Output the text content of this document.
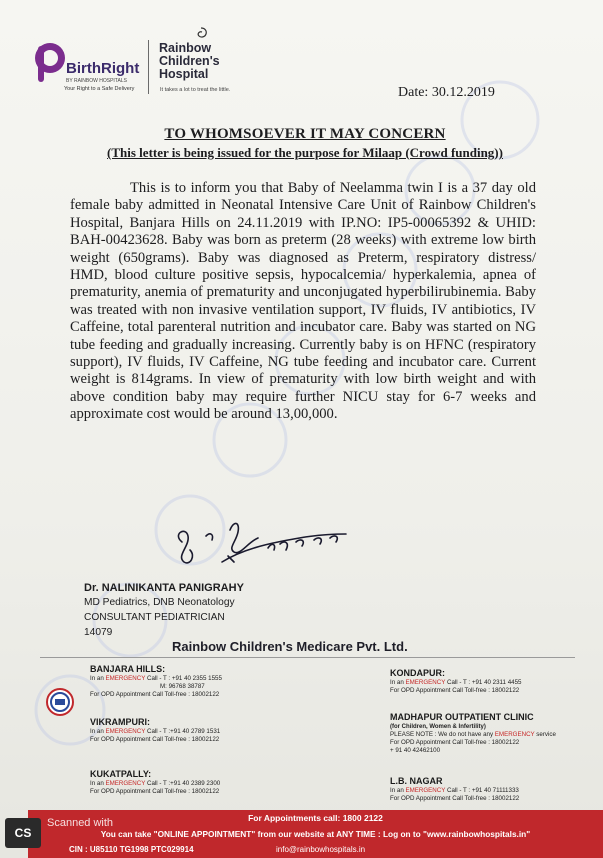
BirthRight
BY RAINBOW HOSPITALS
Your Right to a Safe Delivery
Rainbow
Children's
Hospital
It takes a lot to treat the little.	Date: 30.12.2019
TO WHOMSOEVER IT MAY CONCERN
(This letter is being issued for the purpose for Milaap (Crowd funding))

This is to inform you that Baby of Neelamma twin I is a 37 day old female baby admitted in Neonatal Intensive Care Unit of Rainbow Children's Hospital, Banjara Hills on 24.11.2019 with IP.NO: IP5-00065392 & UHID: BAH-00423628. Baby was born as preterm (28 weeks) with extreme low birth weight (650grams). Baby was diagnosed as Preterm, respiratory distress/ HMD, blood culture positive sepsis, hypocalcemia/ hyperkalemia, apnea of prematurity, anemia of prematurity and unconjugated hyperbilirubinemia. Baby was treated with non invasive ventilation support, IV fluids, IV antibiotics, IV Caffeine, total parenteral nutrition and incubator care. Baby was started on NG tube feeding and gradually increasing. Currently baby is on HFNC (respiratory support), IV fluids, IV Caffeine, NG tube feeding and incubator care. Current weight is 814grams. In view of prematurity with low birth weight and with above condition baby may require further NICU stay for 6-7 weeks and approximate cost would be around 13,00,000.

Dr. NALINIKANTA PANIGRAHY
MD Pediatrics, DNB Neonatology
CONSULTANT PEDIATRICIAN
14079
Rainbow Children's Medicare Pvt. Ltd.
BANJARA HILLS:
In an EMERGENCY Call - T : +91 40 2355 1555
M: 96768 38787
For OPD Appointment Call Toll-free : 18002122
VIKRAMPURI:
In an EMERGENCY Call - T :+91 40 2789 1531
For OPD Appointment Call Toll-free : 18002122
KUKATPALLY:
In an EMERGENCY Call - T :+91 40 2389 2300
For OPD Appointment Call Toll-free : 18002122
KONDAPUR:
In an EMERGENCY Call - T : +91 40 2311 4455
For OPD Appointment Call Toll-free : 18002122
MADHAPUR OUTPATIENT CLINIC
(for Children, Women & Infertility)
PLEASE NOTE : We do not have any EMERGENCY service
For OPD Appointment Call Toll-free : 18002122
+ 91 40 42462100
L.B. NAGAR
In an EMERGENCY Call - T : +91 40 71111333
For OPD Appointment Call Toll-free : 18002122
For Appointments call: 1800 2122
You can take "ONLINE APPOINTMENT" from our website at ANY TIME : Log on to "www.rainbowhospitals.in"
CIN : U85110 TG1998 PTC029914	info@rainbowhospitals.in
CS
Scanned with
